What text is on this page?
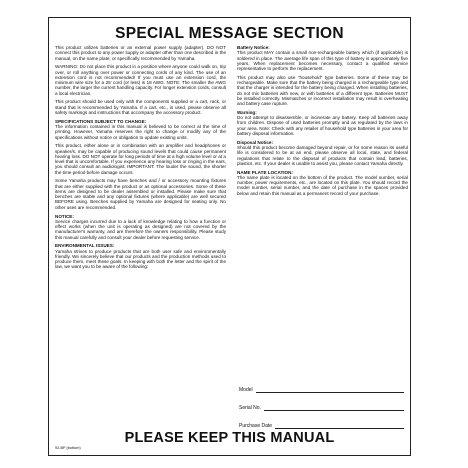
SPECIAL MESSAGE SECTION

This product utilizes batteries or an external power supply (adapter). DO NOT connect this product to any power supply or adapter other than one described in the manual, on the name plate, or specifically recommended by Yamaha.

WARNING: Do not place this product in a position where anyone could walk on, trip over, or roll anything over power or connecting cords of any kind. The use of an extension cord is not recommended! If you must use an extension cord, the minimum wire size for a 25' cord (or less) is 18 AWG. NOTE: The smaller the AWG number, the larger the current handling capacity. For longer extension cords, consult a local electrician.

This product should be used only with the components supplied or a cart, rack, or stand that is recommended by Yamaha. If a cart, etc., is used, please observe all safety markings and instructions that accompany the accessory product.

SPECIFICATIONS SUBJECT TO CHANGE:
The information contained in this manual is believed to be correct at the time of printing. However, Yamaha reserves the right to change or modify any of the specifications without notice or obligation to update existing units.

This product, either alone or in combination with an amplifier and headphones or speaker/s, may be capable of producing sound levels that could cause permanent hearing loss. DO NOT operate for long periods of time at a high volume level or at a level that is uncomfortable. If you experience any hearing loss or ringing in the ears, you should consult an audiologist. IMPORTANT: The louder the sound, the shorter the time period before damage occurs.

Some Yamaha products may have benches and / or accessory mounting fixtures that are either supplied with the product or as optional accessories. Some of these items are designed to be dealer assembled or installed. Please make sure that benches are stable and any optional fixtures (where applicable) are well secured BEFORE using. Benches supplied by Yamaha are designed for seating only. No other uses are recommended.

NOTICE:
Service charges incurred due to a lack of knowledge relating to how a function or effect works (when the unit is operating as designed) are not covered by the manufacturer's warranty, and are therefore the owners responsibility. Please study this manual carefully and consult your dealer before requesting service.

ENVIRONMENTAL ISSUES:
Yamaha strives to produce products that are both user safe and environmentally friendly. We sincerely believe that our products and the production methods used to produce them, meet these goals. In keeping with both the letter and the spirit of the law, we want you to be aware of the following:

Battery Notice:
This product MAY contain a small non-rechargeable battery which (if applicable) is soldered in place. The average life span of this type of battery is approximately five years. When replacement becomes necessary, contact a qualified service representative to perform the replacement.

This product may also use "household" type batteries. Some of these may be rechargeable. Make sure that the battery being charged is a rechargeable type and that the charger is intended for the battery being charged. When installing batteries, do not mix batteries with new, or with batteries of a different type. Batteries MUST be installed correctly. Mismatches or incorrect installation may result in overheating and battery case rupture.

Warning:
Do not attempt to disassemble, or incinerate any battery. Keep all batteries away from children. Dispose of used batteries promptly and as regulated by the laws in your area. Note: Check with any retailer of household type batteries in your area for battery disposal information.

Disposal Notice:
Should this product become damaged beyond repair, or for some reason its useful life is considered to be at an end, please observe all local, state, and federal regulations that relate to the disposal of products that contain lead, batteries, plastics, etc. If your dealer is unable to assist you, please contact Yamaha directly.

NAME PLATE LOCATION:
The name plate is located on the bottom of the product. The model number, serial number, power requirements, etc., are located on this plate. You should record the model number, serial number, and the date of purchase in the spaces provided below and retain this manual as a permanent record of your purchase.

Model
Serial No.
Purchase Date
PLEASE KEEP THIS MANUAL
92-BP (bottom)
